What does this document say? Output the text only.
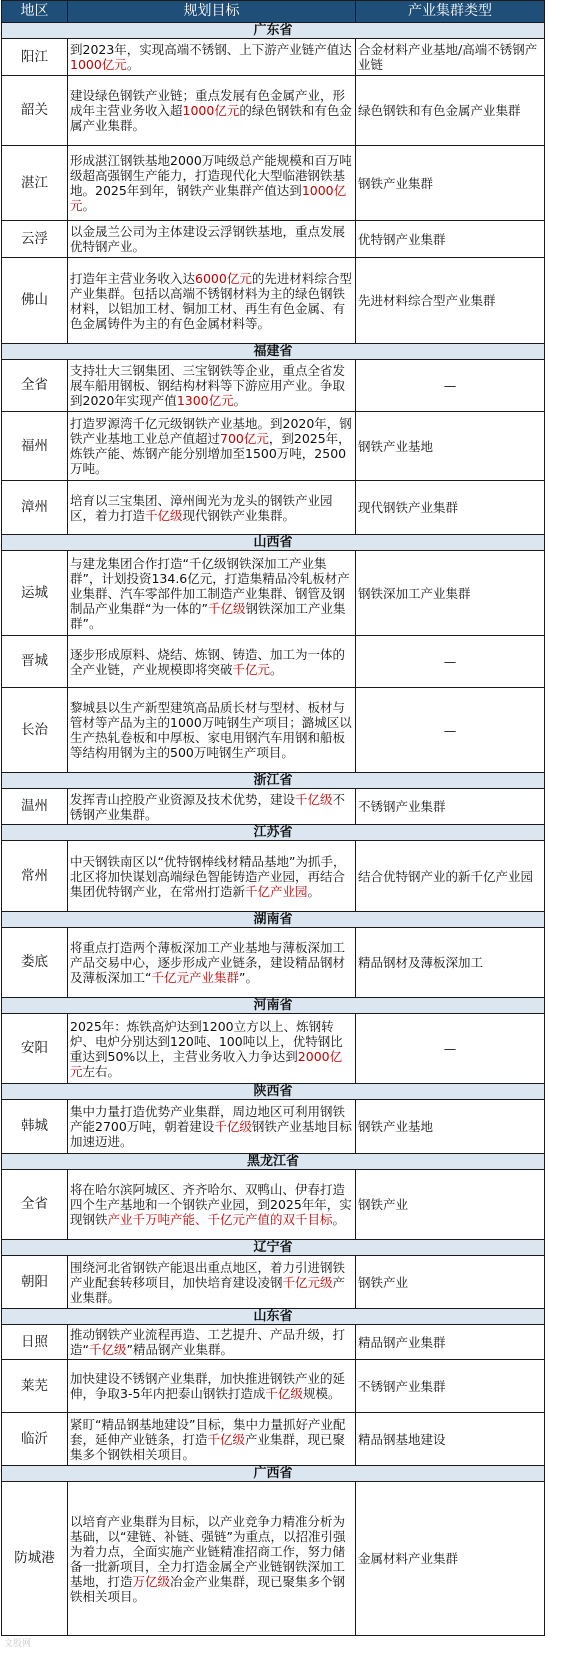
地区	规划目标	产业集群类型
广东省		
阳江	到2023年，实现高端不锈钢、上下游产业链产值达1000亿元。	合金材料产业基地/高端不锈钢产业链
韶关	建设绿色钢铁产业链；重点发展有色金属产业，形成年主营业务收入超1000亿元的绿色钢铁和有色金属产业集群。	绿色钢铁和有色金属产业集群
湛江	形成湛江钢铁基地2000万吨级总产能规模和百万吨级超高强钢生产能力，打造现代化大型临港钢铁基地。2025年到年，钢铁产业集群产值达到1000亿元。	钢铁产业集群
云浮	以金晟兰公司为主体建设云浮钢铁基地，重点发展优特钢产业。	优特钢产业集群
佛山	打造年主营业务收入达6000亿元的先进材料综合型产业集群。包括以高端不锈钢材料为主的绿色钢铁材料，以铝加工材、铜加工材、再生有色金属、有色金属铸件为主的有色金属材料等。	先进材料综合型产业集群
福建省		
全省	支持壮大三钢集团、三宝钢铁等企业，重点全省发展车船用钢板、钢结构材料等下游应用产业。争取到2020年实现产值1300亿元。	—
福州	打造罗源湾千亿元级钢铁产业基地。到2020年，钢铁产业基地工业总产值超过700亿元，到2025年，炼铁产能、炼钢产能分别增加至1500万吨，2500万吨。	钢铁产业基地
漳州	培育以三宝集团、漳州闽光为龙头的钢铁产业园区，着力打造千亿级现代钢铁产业集群。	现代钢铁产业集群
山西省		
运城	与建龙集团合作打造“千亿级钢铁深加工产业集群”，计划投资134.6亿元，打造集精品冷轧板材产业集群、汽车零部件加工制造产业集群、钢管及钢制品产业集群“为一体的”千亿级钢铁深加工产业集群”。	钢铁深加工产业集群
晋城	逐步形成原料、烧结、炼钢、铸造、加工为一体的全产业链，产业规模即将突破千亿元。	—
长治	黎城县以生产新型建筑高品质长材与型材、板材与管材等产品为主的1000万吨钢生产项目；潞城区以生产热轧卷板和中厚板、家电用钢汽车用钢和船板等结构用钢为主的500万吨钢生产项目。	—
浙江省		
温州	发挥青山控股产业资源及技术优势，建设千亿级不锈钢产业集群。	不锈钢产业集群
江苏省		
常州	中天钢铁南区以“优特钢棒线材精品基地”为抓手，北区将加快谋划高端绿色智能铸造产业园，再结合集团优特钢产业，在常州打造新千亿产业园。	结合优特钢产业的新千亿产业园
湖南省		
娄底	将重点打造两个薄板深加工产业基地与薄板深加工产品交易中心，逐步形成产业链条，建设精品钢材及薄板深加工“千亿元产业集群”。	精品钢材及薄板深加工
河南省		
安阳	2025年：炼铁高炉达到1200立方以上、炼钢转炉、电炉分别达到120吨、100吨以上，优特钢比重达到50%以上，主营业务收入力争达到2000亿元左右。	—
陕西省		
韩城	集中力量打造优势产业集群，周边地区可利用钢铁产能2700万吨，朝着建设千亿级钢铁产业基地目标加速迈进。	钢铁产业基地
黑龙江省		
全省	将在哈尔滨阿城区、齐齐哈尔、双鸭山、伊春打造四个生产基地和一个钢铁产业园，到2025年年，实现钢铁产业千万吨产能、千亿元产值的双千目标。	钢铁产业
辽宁省		
朝阳	围绕河北省钢铁产能退出重点地区，着力引进钢铁产业配套转移项目，加快培育建设凌钢千亿元级产业集群。	钢铁产业
山东省		
日照	推动钢铁产业流程再造、工艺提升、产品升级，打造“千亿级”精品钢产业集群。	精品钢产业集群
莱芜	加快建设不锈钢产业集群，加快推进钢铁产业的延伸，争取3-5年内把泰山钢铁打造成千亿级规模。	不锈钢产业集群
临沂	紧盯“精品钢基地建设”目标，集中力量抓好产业配套，延伸产业链条，打造千亿级产业集群，现已聚集多个钢铁相关项目。	精品钢基地建设
广西省		
防城港	以培育产业集群为目标，以产业竞争力精准分析为基础，以“建链、补链、强链”为重点，以招准引强为着力点，全面实施产业链精准招商工作，努力储备一批新项目，全力打造金属全产业链钢铁深加工基地，打造万亿级冶金产业集群，现已聚集多个钢铁相关项目。	金属材料产业集群
文股网
